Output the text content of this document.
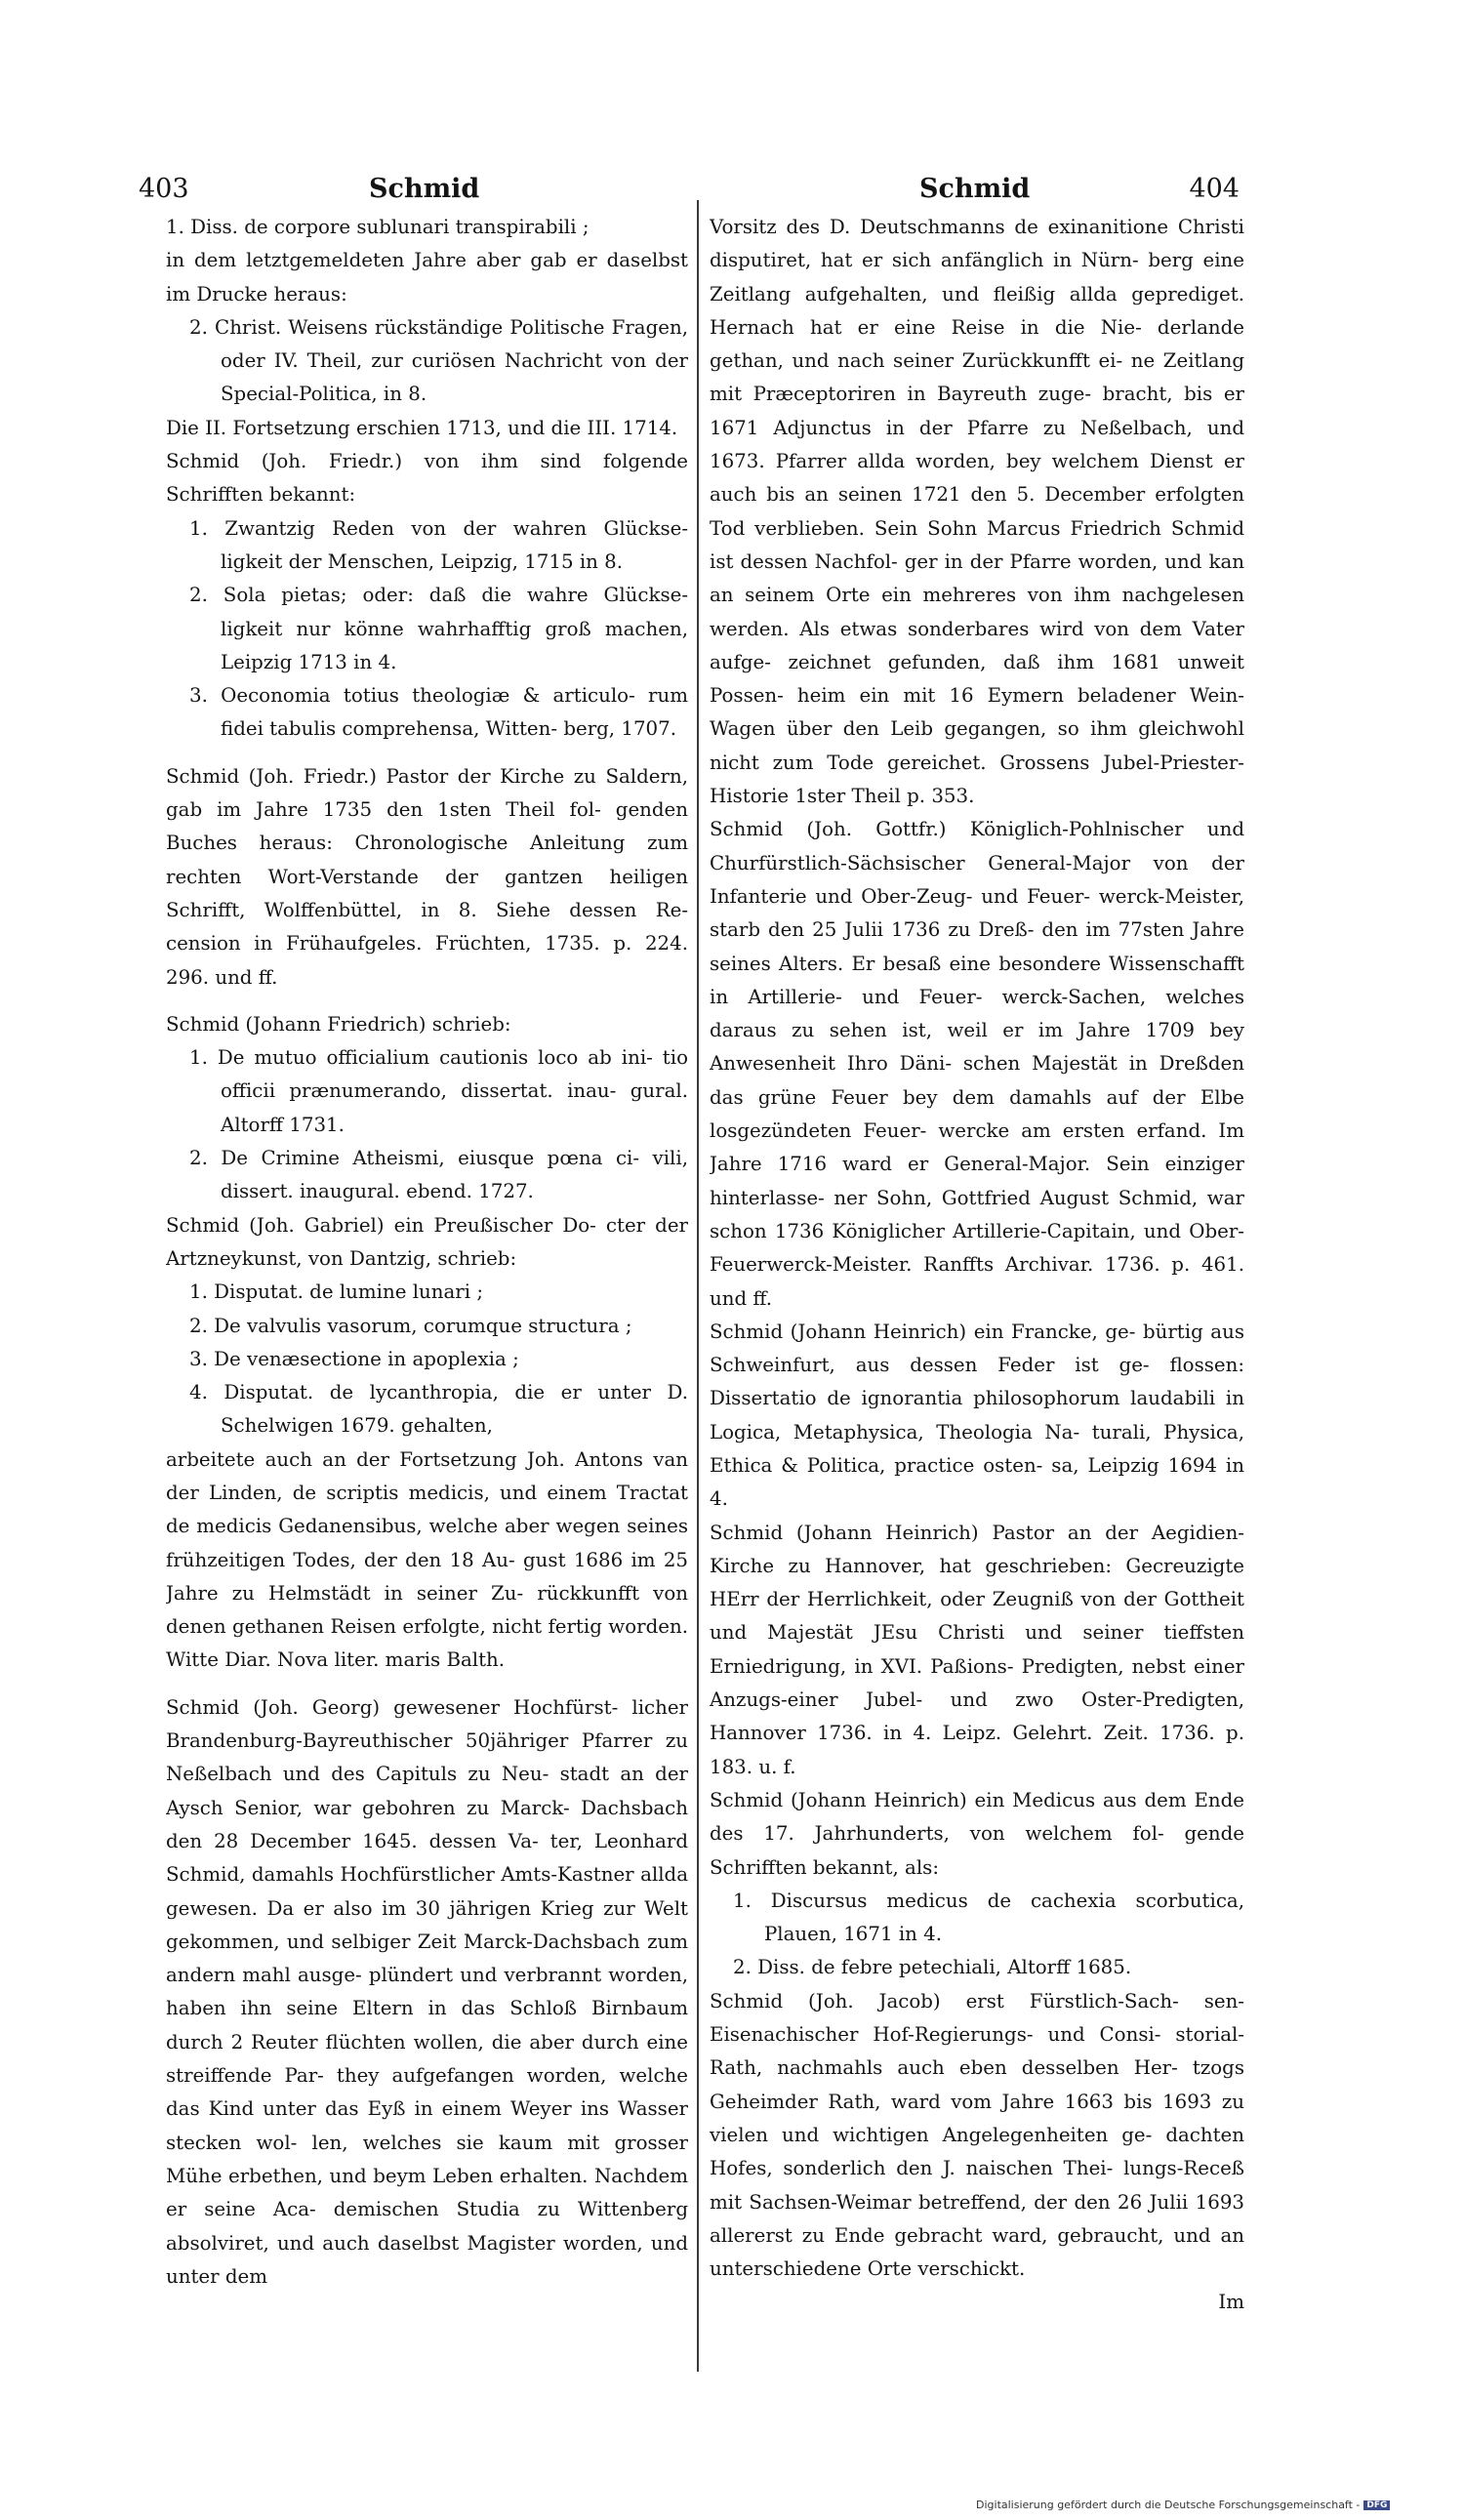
403	Schmid	Schmid	404

1. Diss. de corpore sublunari transpirabili ;

in dem letztgemeldeten Jahre aber gab er daselbst im Drucke heraus:

2. Christ. Weisens rückständige Politische Fragen, oder IV. Theil, zur curiösen Nachricht von der Special-Politica, in 8.

Die II. Fortsetzung erschien 1713, und die III. 1714.

Schmid (Joh. Friedr.) von ihm sind folgende Schrifften bekannt:

1. Zwantzig Reden von der wahren Glückse- ligkeit der Menschen, Leipzig, 1715 in 8.

2. Sola pietas; oder: daß die wahre Glückse- ligkeit nur könne wahrhafftig groß machen, Leipzig 1713 in 4.

3. Oeconomia totius theologiæ & articulo- rum fidei tabulis comprehensa, Witten- berg, 1707.

Schmid (Joh. Friedr.) Pastor der Kirche zu Saldern, gab im Jahre 1735 den 1sten Theil fol- genden Buches heraus: Chronologische Anleitung zum rechten Wort-Verstande der gantzen heiligen Schrifft, Wolffenbüttel, in 8. Siehe dessen Re- cension in Frühaufgeles. Früchten, 1735. p. 224. 296. und ff.

Schmid (Johann Friedrich) schrieb:

1. De mutuo officialium cautionis loco ab ini- tio officii prænumerando, dissertat. inau- gural. Altorff 1731.

2. De Crimine Atheismi, eiusque pœna ci- vili, dissert. inaugural. ebend. 1727.

Schmid (Joh. Gabriel) ein Preußischer Do- cter der Artzneykunst, von Dantzig, schrieb:

1. Disputat. de lumine lunari ;

2. De valvulis vasorum, corumque structura ;

3. De venæsectione in apoplexia ;

4. Disputat. de lycanthropia, die er unter D. Schelwigen 1679. gehalten,

arbeitete auch an der Fortsetzung Joh. Antons van der Linden, de scriptis medicis, und einem Tractat de medicis Gedanensibus, welche aber wegen seines frühzeitigen Todes, der den 18 Au- gust 1686 im 25 Jahre zu Helmstädt in seiner Zu- rückkunfft von denen gethanen Reisen erfolgte, nicht fertig worden. Witte Diar. Nova liter. maris Balth.

Schmid (Joh. Georg) gewesener Hochfürst- licher Brandenburg-Bayreuthischer 50jähriger Pfarrer zu Neßelbach und des Capituls zu Neu- stadt an der Aysch Senior, war gebohren zu Marck- Dachsbach den 28 December 1645. dessen Va- ter, Leonhard Schmid, damahls Hochfürstlicher Amts-Kastner allda gewesen. Da er also im 30 jährigen Krieg zur Welt gekommen, und selbiger Zeit Marck-Dachsbach zum andern mahl ausge- plündert und verbrannt worden, haben ihn seine Eltern in das Schloß Birnbaum durch 2 Reuter flüchten wollen, die aber durch eine streiffende Par- they aufgefangen worden, welche das Kind unter das Eyß in einem Weyer ins Wasser stecken wol- len, welches sie kaum mit grosser Mühe erbethen, und beym Leben erhalten. Nachdem er seine Aca- demischen Studia zu Wittenberg absolviret, und auch daselbst Magister worden, und unter dem

Vorsitz des D. Deutschmanns de exinanitione Christi disputiret, hat er sich anfänglich in Nürn- berg eine Zeitlang aufgehalten, und fleißig allda geprediget. Hernach hat er eine Reise in die Nie- derlande gethan, und nach seiner Zurückkunfft ei- ne Zeitlang mit Præceptoriren in Bayreuth zuge- bracht, bis er 1671 Adjunctus in der Pfarre zu Neßelbach, und 1673. Pfarrer allda worden, bey welchem Dienst er auch bis an seinen 1721 den 5. December erfolgten Tod verblieben. Sein Sohn Marcus Friedrich Schmid ist dessen Nachfol- ger in der Pfarre worden, und kan an seinem Orte ein mehreres von ihm nachgelesen werden. Als etwas sonderbares wird von dem Vater aufge- zeichnet gefunden, daß ihm 1681 unweit Possen- heim ein mit 16 Eymern beladener Wein-Wagen über den Leib gegangen, so ihm gleichwohl nicht zum Tode gereichet. Grossens Jubel-Priester- Historie 1ster Theil p. 353.

Schmid (Joh. Gottfr.) Königlich-Pohlnischer und Churfürstlich-Sächsischer General-Major von der Infanterie und Ober-Zeug- und Feuer- werck-Meister, starb den 25 Julii 1736 zu Dreß- den im 77sten Jahre seines Alters. Er besaß eine besondere Wissenschafft in Artillerie- und Feuer- werck-Sachen, welches daraus zu sehen ist, weil er im Jahre 1709 bey Anwesenheit Ihro Däni- schen Majestät in Dreßden das grüne Feuer bey dem damahls auf der Elbe losgezündeten Feuer- wercke am ersten erfand. Im Jahre 1716 ward er General-Major. Sein einziger hinterlasse- ner Sohn, Gottfried August Schmid, war schon 1736 Königlicher Artillerie-Capitain, und Ober-Feuerwerck-Meister. Ranffts Archivar. 1736. p. 461. und ff.

Schmid (Johann Heinrich) ein Francke, ge- bürtig aus Schweinfurt, aus dessen Feder ist ge- flossen: Dissertatio de ignorantia philosophorum laudabili in Logica, Metaphysica, Theologia Na- turali, Physica, Ethica & Politica, practice osten- sa, Leipzig 1694 in 4.

Schmid (Johann Heinrich) Pastor an der Aegidien-Kirche zu Hannover, hat geschrieben: Gecreuzigte HErr der Herrlichkeit, oder Zeugniß von der Gottheit und Majestät JEsu Christi und seiner tieffsten Erniedrigung, in XVI. Paßions- Predigten, nebst einer Anzugs-einer Jubel- und zwo Oster-Predigten, Hannover 1736. in 4. Leipz. Gelehrt. Zeit. 1736. p. 183. u. f.

Schmid (Johann Heinrich) ein Medicus aus dem Ende des 17. Jahrhunderts, von welchem fol- gende Schrifften bekannt, als:

1. Discursus medicus de cachexia scorbutica, Plauen, 1671 in 4.

2. Diss. de febre petechiali, Altorff 1685.

Schmid (Joh. Jacob) erst Fürstlich-Sach- sen-Eisenachischer Hof-Regierungs- und Consi- storial-Rath, nachmahls auch eben desselben Her- tzogs Geheimder Rath, ward vom Jahre 1663 bis 1693 zu vielen und wichtigen Angelegenheiten ge- dachten Hofes, sonderlich den J. naischen Thei- lungs-Receß mit Sachsen-Weimar betreffend, der den 26 Julii 1693 allererst zu Ende gebracht ward, gebraucht, und an unterschiedene Orte verschickt.

Im

Digitalisierung gefördert durch die Deutsche Forschungsgemeinschaft - DFG
